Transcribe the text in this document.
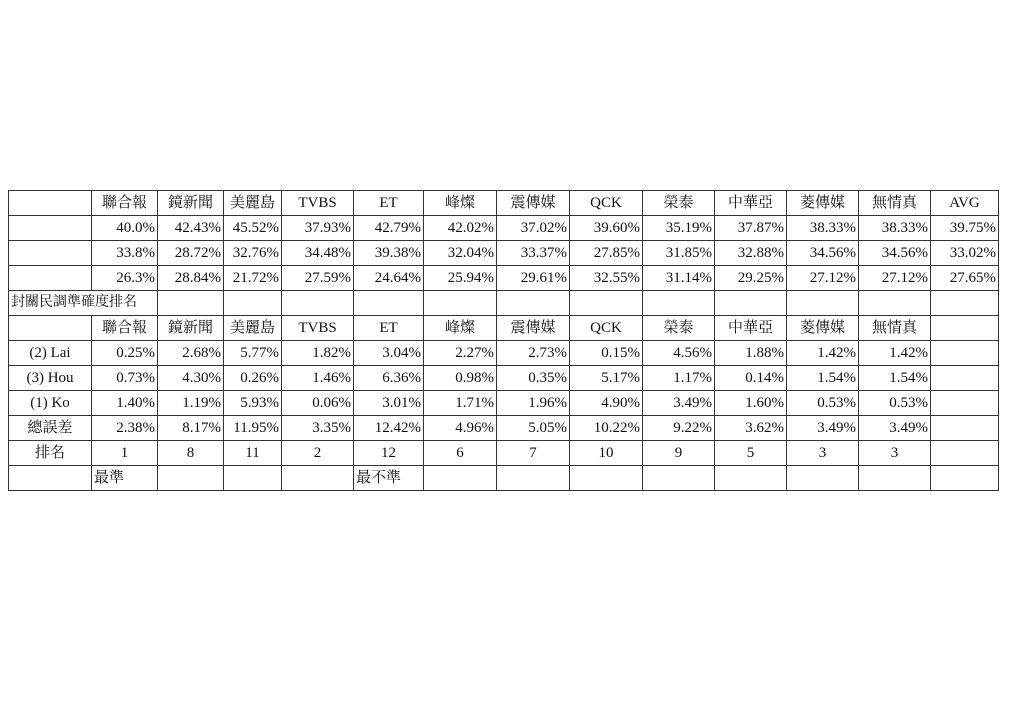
	聯合報	鏡新聞	美麗島	TVBS	ET	峰燦	震傳媒	QCK	榮泰	中華亞	菱傳媒	無情真	AVG
	40.0%	42.43%	45.52%	37.93%	42.79%	42.02%	37.02%	39.60%	35.19%	37.87%	38.33%	38.33%	39.75%
	33.8%	28.72%	32.76%	34.48%	39.38%	32.04%	33.37%	27.85%	31.85%	32.88%	34.56%	34.56%	33.02%
	26.3%	28.84%	21.72%	27.59%	24.64%	25.94%	29.61%	32.55%	31.14%	29.25%	27.12%	27.12%	27.65%
封關民調準確度排名													
	聯合報	鏡新聞	美麗島	TVBS	ET	峰燦	震傳媒	QCK	榮泰	中華亞	菱傳媒	無情真	
(2) Lai	0.25%	2.68%	5.77%	1.82%	3.04%	2.27%	2.73%	0.15%	4.56%	1.88%	1.42%	1.42%	
(3) Hou	0.73%	4.30%	0.26%	1.46%	6.36%	0.98%	0.35%	5.17%	1.17%	0.14%	1.54%	1.54%	
(1) Ko	1.40%	1.19%	5.93%	0.06%	3.01%	1.71%	1.96%	4.90%	3.49%	1.60%	0.53%	0.53%	
總誤差	2.38%	8.17%	11.95%	3.35%	12.42%	4.96%	5.05%	10.22%	9.22%	3.62%	3.49%	3.49%	
排名	1	8	11	2	12	6	7	10	9	5	3	3	
	最準				最不準								
